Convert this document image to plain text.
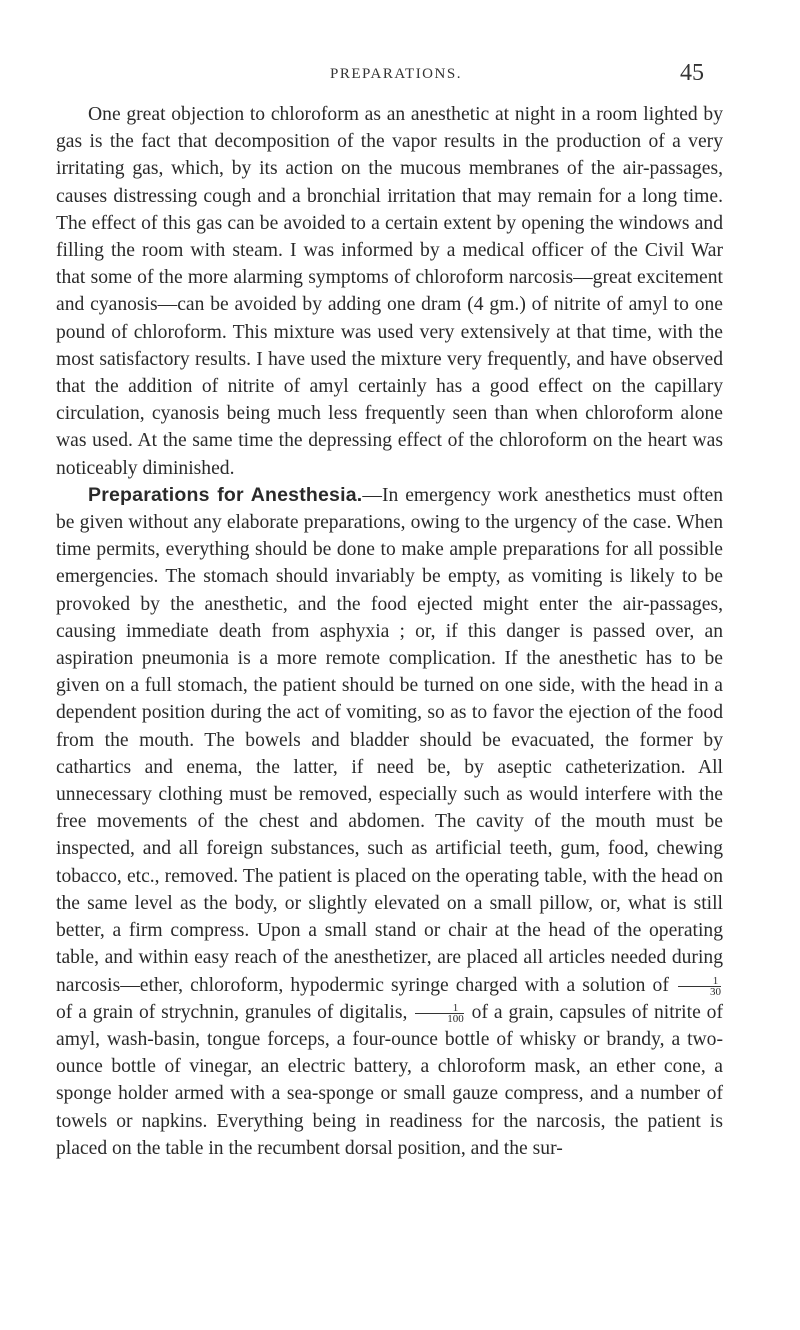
PREPARATIONS.	45

One great objection to chloroform as an anesthetic at night in a room lighted by gas is the fact that decomposition of the vapor results in the production of a very irritating gas, which, by its action on the mucous membranes of the air-passages, causes distressing cough and a bronchial irritation that may remain for a long time. The effect of this gas can be avoided to a certain extent by opening the windows and filling the room with steam. I was informed by a medical officer of the Civil War that some of the more alarming symptoms of chloroform narcosis—great excitement and cyanosis—can be avoided by adding one dram (4 gm.) of nitrite of amyl to one pound of chloroform. This mixture was used very extensively at that time, with the most satisfactory results. I have used the mixture very frequently, and have observed that the addition of nitrite of amyl certainly has a good effect on the capillary circulation, cyanosis being much less frequently seen than when chloroform alone was used. At the same time the depressing effect of the chloroform on the heart was noticeably diminished.

Preparations for Anesthesia.—In emergency work anesthetics must often be given without any elaborate preparations, owing to the urgency of the case. When time permits, everything should be done to make ample preparations for all possible emergencies. The stomach should invariably be empty, as vomiting is likely to be provoked by the anesthetic, and the food ejected might enter the air-passages, causing immediate death from asphyxia ; or, if this danger is passed over, an aspiration pneumonia is a more remote complication. If the anesthetic has to be given on a full stomach, the patient should be turned on one side, with the head in a dependent position during the act of vomiting, so as to favor the ejection of the food from the mouth. The bowels and bladder should be evacuated, the former by cathartics and enema, the latter, if need be, by aseptic catheterization. All unnecessary clothing must be removed, especially such as would interfere with the free movements of the chest and abdomen. The cavity of the mouth must be inspected, and all foreign substances, such as artificial teeth, gum, food, chewing tobacco, etc., removed. The patient is placed on the operating table, with the head on the same level as the body, or slightly elevated on a small pillow, or, what is still better, a firm compress. Upon a small stand or chair at the head of the operating table, and within easy reach of the anesthetizer, are placed all articles needed during narcosis—ether, chloroform, hypodermic syringe charged with a solution of $\frac{1}{30}$
of a grain of strychnin, granules of digitalis, $\frac{1}{100}$ of a grain, capsules of nitrite of amyl, wash-basin, tongue forceps, a four-ounce bottle of whisky or brandy, a two-ounce bottle of vinegar, an electric battery, a chloroform mask, an ether cone, a sponge holder armed with a sea-sponge or small gauze compress, and a number of towels or napkins. Everything being in readiness for the narcosis, the patient is placed on the table in the recumbent dorsal position, and the sur-
